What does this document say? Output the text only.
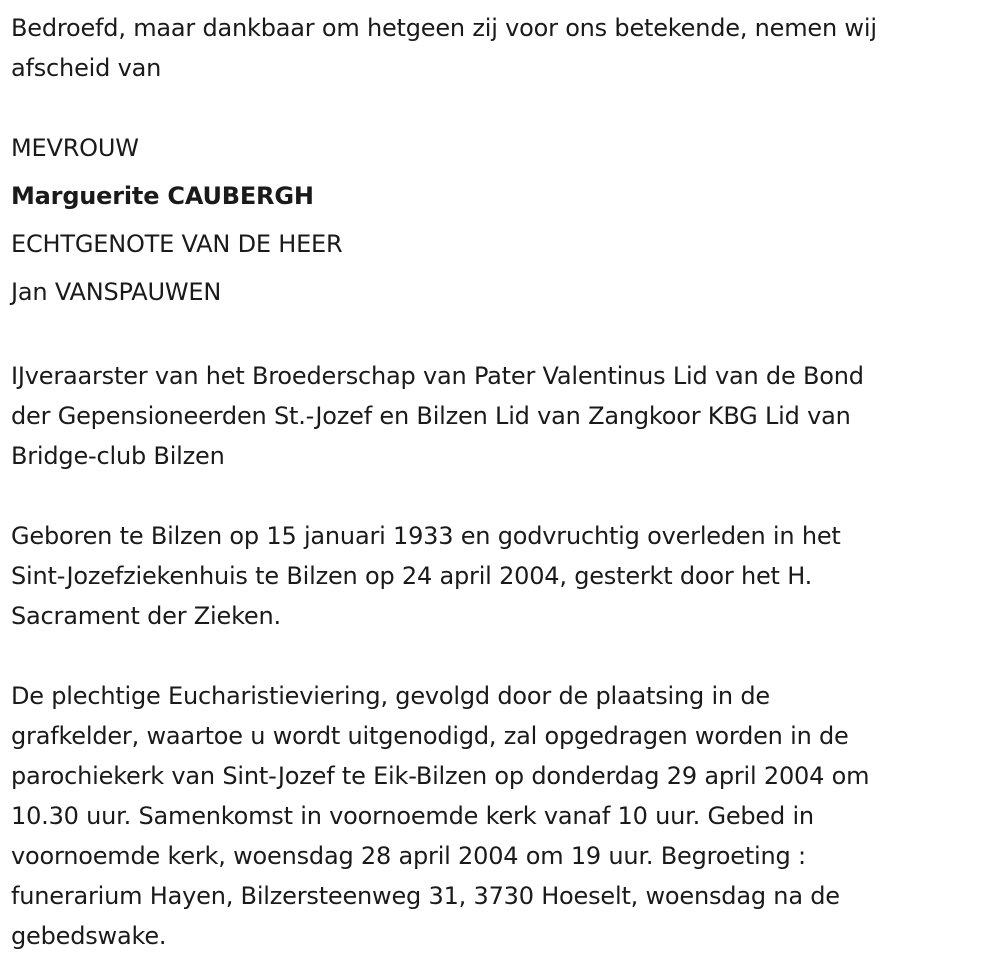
Bedroefd, maar dankbaar om hetgeen zij voor ons betekende, nemen wij
afscheid van
MEVROUW
Marguerite CAUBERGH
ECHTGENOTE VAN DE HEER
Jan VANSPAUWEN
IJveraarster van het Broederschap van Pater Valentinus Lid van de Bond
der Gepensioneerden St.-Jozef en Bilzen Lid van Zangkoor KBG Lid van
Bridge-club Bilzen
Geboren te Bilzen op 15 januari 1933 en godvruchtig overleden in het
Sint-Jozefziekenhuis te Bilzen op 24 april 2004, gesterkt door het H.
Sacrament der Zieken.
De plechtige Eucharistieviering, gevolgd door de plaatsing in de
grafkelder, waartoe u wordt uitgenodigd, zal opgedragen worden in de
parochiekerk van Sint-Jozef te Eik-Bilzen op donderdag 29 april 2004 om
10.30 uur. Samenkomst in voornoemde kerk vanaf 10 uur. Gebed in
voornoemde kerk, woensdag 28 april 2004 om 19 uur. Begroeting :
funerarium Hayen, Bilzersteenweg 31, 3730 Hoeselt, woensdag na de
gebedswake.
